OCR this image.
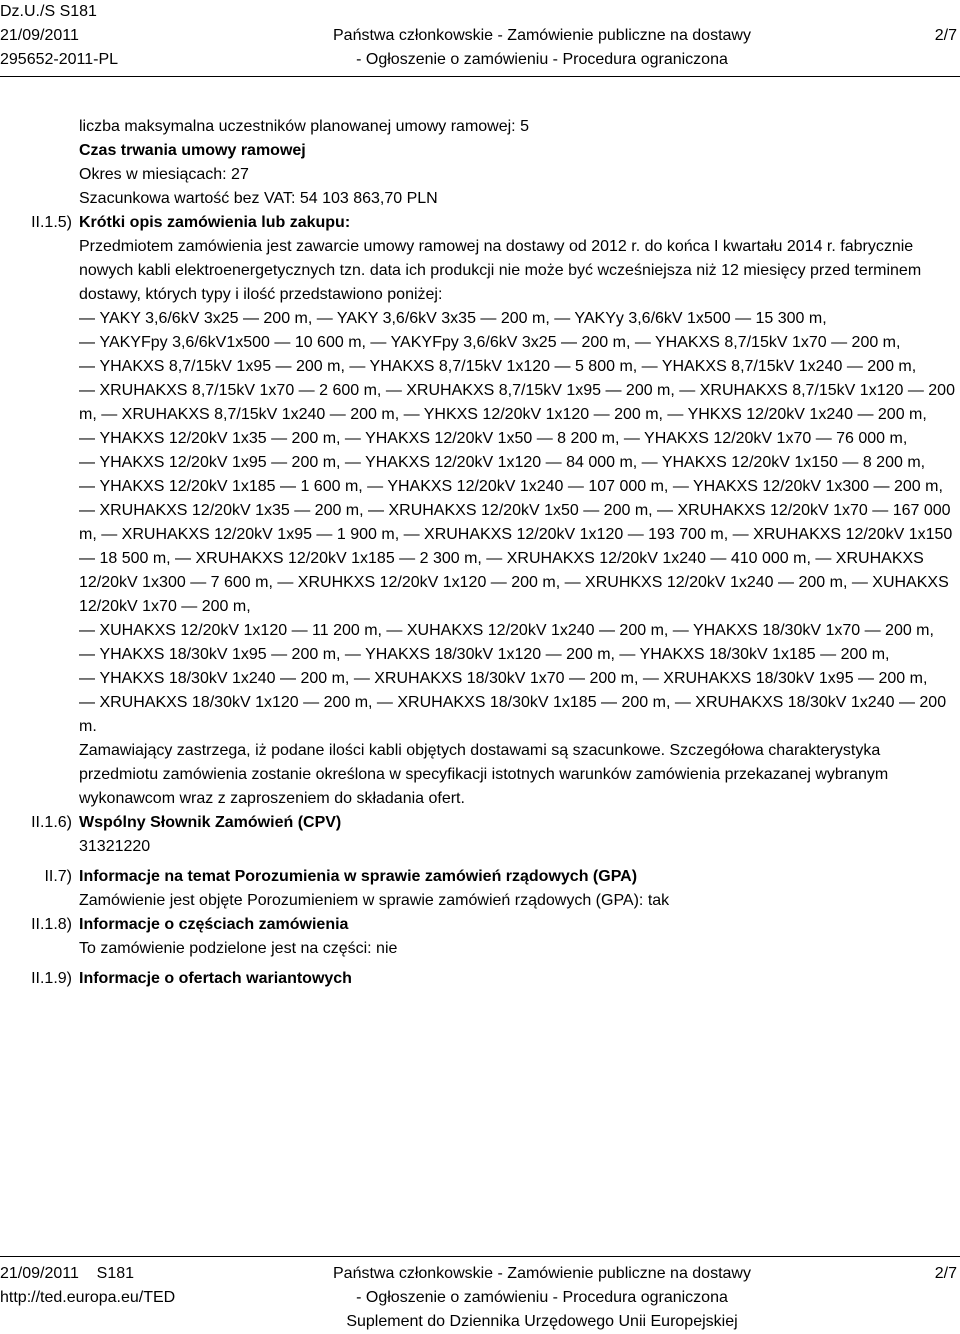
Dz.U./S S181
21/09/2011
295652-2011-PL
Państwa członkowskie - Zamówienie publiczne na dostawy
- Ogłoszenie o zamówieniu - Procedura ograniczona
2/7
liczba maksymalna uczestników planowanej umowy ramowej: 5
Czas trwania umowy ramowej
Okres w miesiącach: 27
Szacunkowa wartość bez VAT: 54 103 863,70 PLN
II.1.5) Krótki opis zamówienia lub zakupu:
Przedmiotem zamówienia jest zawarcie umowy ramowej na dostawy od 2012 r. do końca I kwartału 2014 r. fabrycznie nowych kabli elektroenergetycznych tzn. data ich produkcji nie może być wcześniejsza niż 12 miesięcy przed terminem dostawy, których typy i ilość przedstawiono poniżej:
— YAKY 3,6/6kV 3x25 — 200 m, — YAKY 3,6/6kV 3x35 — 200 m, — YAKYy 3,6/6kV 1x500 — 15 300 m,
— YAKYFpy 3,6/6kV1x500 — 10 600 m, — YAKYFpy 3,6/6kV 3x25 — 200 m, — YHAKXS 8,7/15kV 1x70 — 200 m,
— YHAKXS 8,7/15kV 1x95 — 200 m, — YHAKXS 8,7/15kV 1x120 — 5 800 m, — YHAKXS 8,7/15kV 1x240 — 200 m,
— XRUHAKXS 8,7/15kV 1x70 — 2 600 m, — XRUHAKXS 8,7/15kV 1x95 — 200 m, — XRUHAKXS 8,7/15kV 1x120 — 200 m, — XRUHAKXS 8,7/15kV 1x240 — 200 m, — YHKXS 12/20kV 1x120 — 200 m, — YHKXS 12/20kV 1x240 — 200 m,
— YHAKXS 12/20kV 1x35 — 200 m, — YHAKXS 12/20kV 1x50 — 8 200 m, — YHAKXS 12/20kV 1x70 — 76 000 m,
— YHAKXS 12/20kV 1x95 — 200 m, — YHAKXS 12/20kV 1x120 — 84 000 m, — YHAKXS 12/20kV 1x150 — 8 200 m,
— YHAKXS 12/20kV 1x185 — 1 600 m, — YHAKXS 12/20kV 1x240 — 107 000 m, — YHAKXS 12/20kV 1x300 — 200 m,
— XRUHAKXS 12/20kV 1x35 — 200 m, — XRUHAKXS 12/20kV 1x50 — 200 m, — XRUHAKXS 12/20kV 1x70 — 167 000 m, — XRUHAKXS 12/20kV 1x95 — 1 900 m, — XRUHAKXS 12/20kV 1x120 — 193 700 m, — XRUHAKXS 12/20kV 1x150 — 18 500 m, — XRUHAKXS 12/20kV 1x185 — 2 300 m, — XRUHAKXS 12/20kV 1x240 — 410 000 m, — XRUHAKXS 12/20kV 1x300 — 7 600 m, — XRUHKXS 12/20kV 1x120 — 200 m, — XRUHKXS 12/20kV 1x240 — 200 m, — XUHAKXS 12/20kV 1x70 — 200 m,
— XUHAKXS 12/20kV 1x120 — 11 200 m, — XUHAKXS 12/20kV 1x240 — 200 m, — YHAKXS 18/30kV 1x70 — 200 m,
— YHAKXS 18/30kV 1x95 — 200 m, — YHAKXS 18/30kV 1x120 — 200 m, — YHAKXS 18/30kV 1x185 — 200 m,
— YHAKXS 18/30kV 1x240 — 200 m, — XRUHAKXS 18/30kV 1x70 — 200 m, — XRUHAKXS 18/30kV 1x95 — 200 m,
— XRUHAKXS 18/30kV 1x120 — 200 m, — XRUHAKXS 18/30kV 1x185 — 200 m, — XRUHAKXS 18/30kV 1x240 — 200 m.
Zamawiający zastrzega, iż podane ilości kabli objętych dostawami są szacunkowe. Szczegółowa charakterystyka przedmiotu zamówienia zostanie określona w specyfikacji istotnych warunków zamówienia przekazanej wybranym wykonawcom wraz z zaproszeniem do składania ofert.
II.1.6) Wspólny Słownik Zamówień (CPV)
31321220
II.7) Informacje na temat Porozumienia w sprawie zamówień rządowych (GPA)
Zamówienie jest objęte Porozumieniem w sprawie zamówień rządowych (GPA): tak
II.1.8) Informacje o częściach zamówienia
To zamówienie podzielone jest na części: nie
II.1.9) Informacje o ofertach wariantowych
21/09/2011 S181
http://ted.europa.eu/TED
Państwa członkowskie - Zamówienie publiczne na dostawy
- Ogłoszenie o zamówieniu - Procedura ograniczona
Suplement do Dziennika Urzędowego Unii Europejskiej
2/7
